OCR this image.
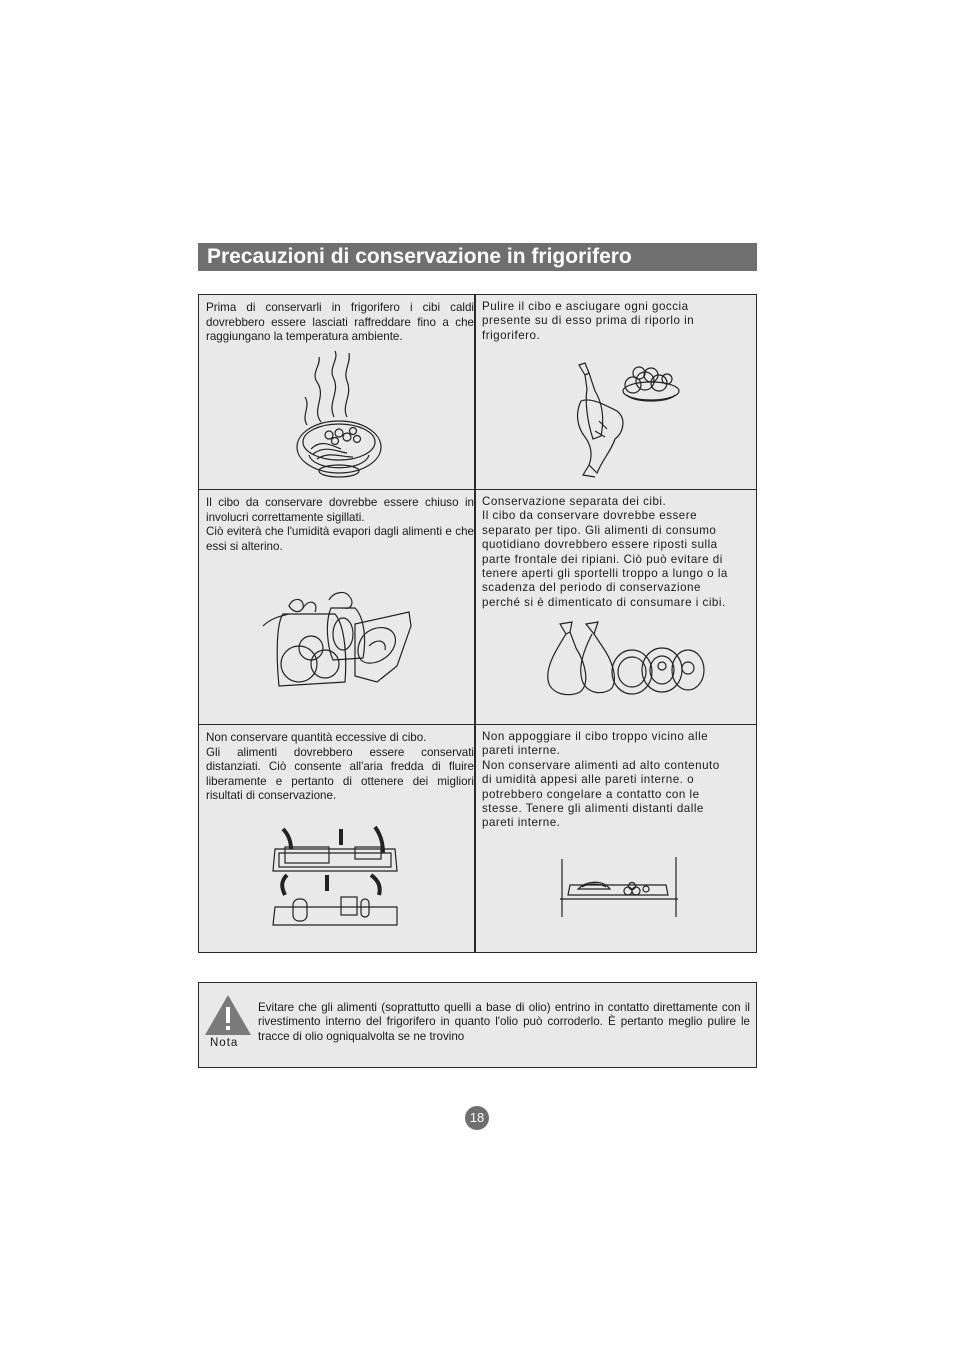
Precauzioni di conservazione in frigorifero
Prima di conservarli in frigorifero i cibi caldi dovrebbero essere lasciati raffreddare fino a che raggiungano la temperatura ambiente.
Pulire il cibo e asciugare ogni goccia
presente su di esso prima di riporlo in
frigorifero.
Il cibo da conservare dovrebbe essere chiuso in involucri correttamente sigillati.
Ciò eviterà che l'umidità evapori dagli alimenti e che essi si alterino.
Conservazione separata dei cibi.
Il cibo da conservare dovrebbe essere
separato per tipo. Gli alimenti di consumo
quotidiano dovrebbero essere riposti sulla
parte frontale dei ripiani. Ciò può evitare di
tenere aperti gli sportelli troppo a lungo o la
scadenza del periodo di conservazione
perché si è dimenticato di consumare i cibi.
Non conservare quantità eccessive di cibo.
Gli alimenti dovrebbero essere conservati distanziati. Ciò consente all'aria fredda di fluire liberamente e pertanto di ottenere dei migliori risultati di conservazione.
Non appoggiare il cibo troppo vicino alle
pareti interne.
Non conservare alimenti ad alto contenuto
di umidità appesi alle pareti interne. o
potrebbero congelare a contatto con le
stesse. Tenere gli alimenti distanti dalle
pareti interne.
Nota
Evitare che gli alimenti (soprattutto quelli a base di olio) entrino in contatto direttamente con il rivestimento interno del frigorifero in quanto l'olio può corroderlo. È pertanto meglio pulire le tracce di olio ogniqualvolta se ne trovino
18
